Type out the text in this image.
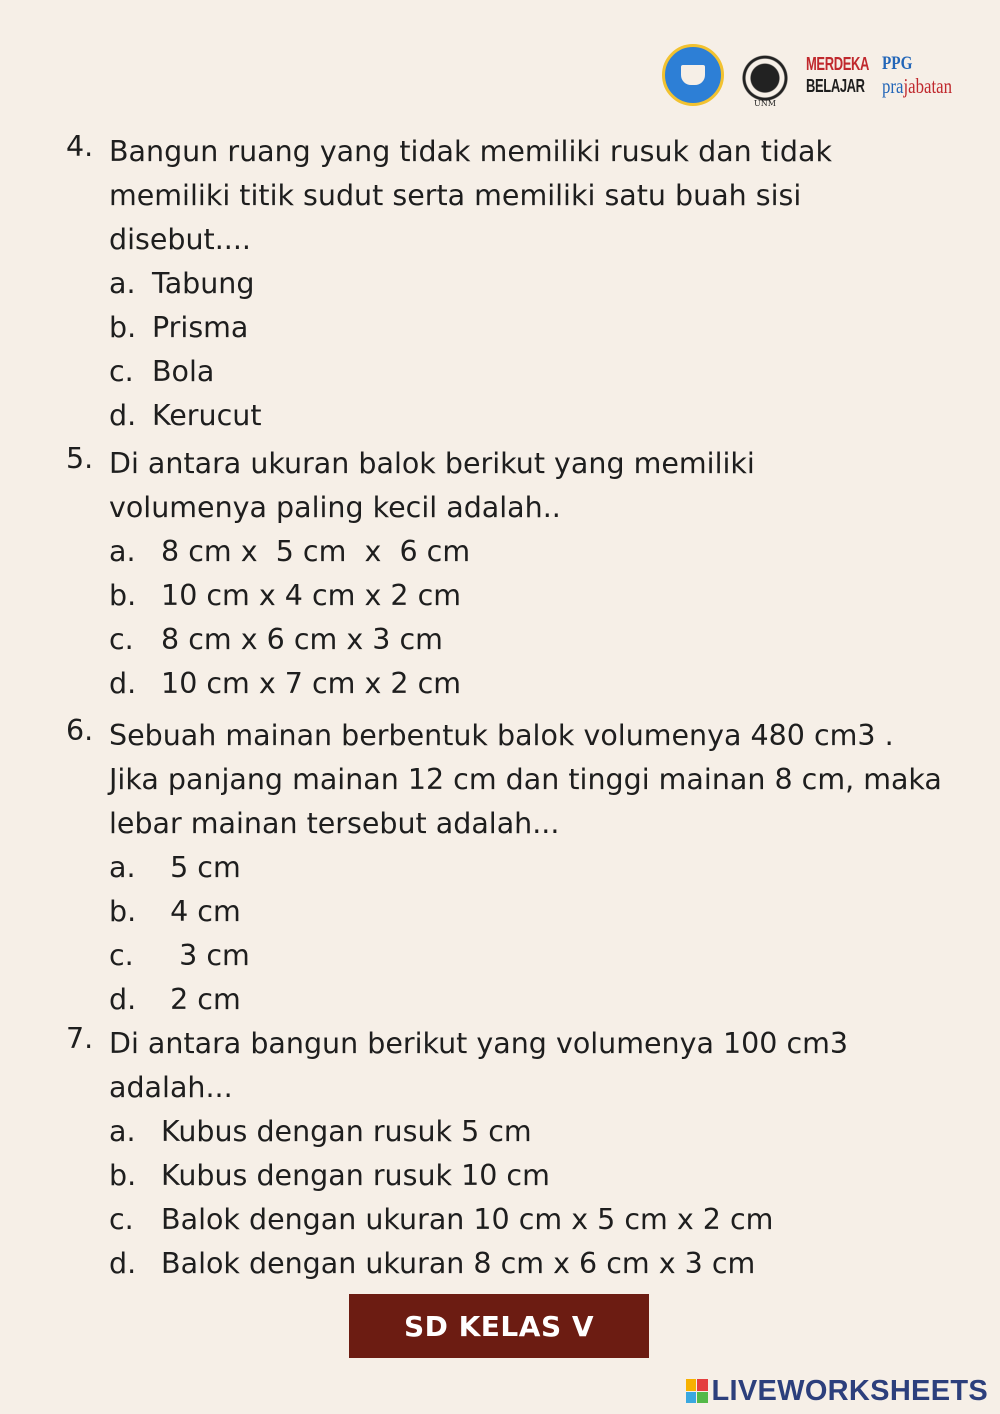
UNM
MERDEKA
BELAJAR
PPG
prajabatan
4. Bangun ruang yang tidak memiliki rusuk dan tidak memiliki titik sudut serta memiliki satu buah sisi disebut....
a. Tabung
b. Prisma
c. Bola
d. Kerucut
5. Di antara ukuran balok berikut yang memiliki volumenya paling kecil adalah..
a. 8 cm x  5 cm  x  6 cm
b. 10 cm x 4 cm x 2 cm
c. 8 cm x 6 cm x 3 cm
d. 10 cm x 7 cm x 2 cm
6. Sebuah mainan berbentuk balok volumenya 480 cm3 . Jika panjang mainan 12 cm dan tinggi mainan 8 cm, maka lebar mainan tersebut adalah...
a. 5 cm
b. 4 cm
c. 3 cm
d. 2 cm
7. Di antara bangun berikut yang volumenya 100 cm3 adalah...
a. Kubus dengan rusuk 5 cm
b. Kubus dengan rusuk 10 cm
c. Balok dengan ukuran 10 cm x 5 cm x 2 cm
d. Balok dengan ukuran 8 cm x 6 cm x 3 cm
SD KELAS V
LIVEWORKSHEETS
